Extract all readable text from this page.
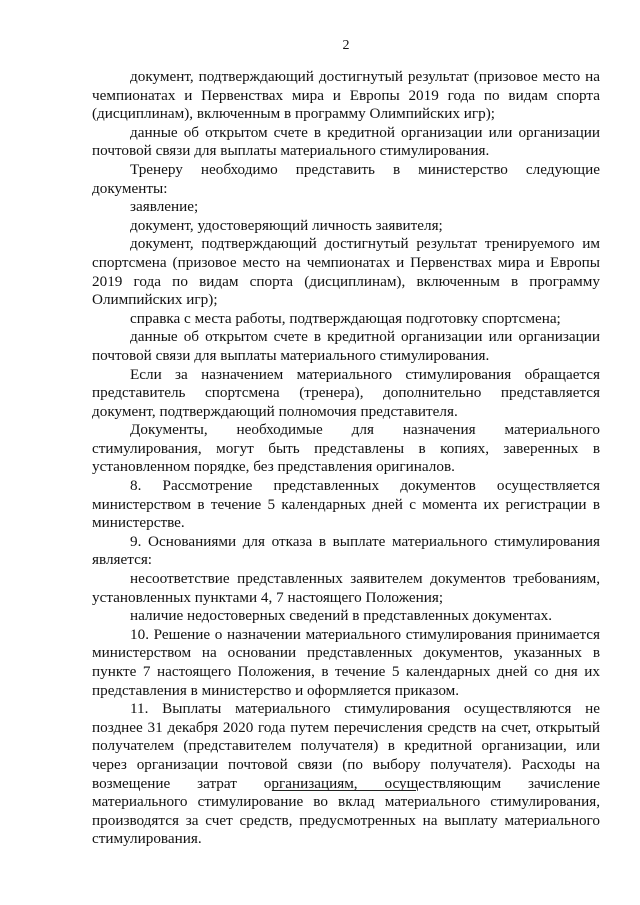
2

документ, подтверждающий достигнутый результат (призовое место на чемпионатах и Первенствах мира и Европы 2019 года по видам спорта (дисциплинам), включенным в программу Олимпийских игр);

данные об открытом счете в кредитной организации или организации почтовой связи для выплаты материального стимулирования.

Тренеру необходимо представить в министерство следующие документы:

заявление;

документ, удостоверяющий личность заявителя;

документ, подтверждающий достигнутый результат тренируемого им спортсмена (призовое место на чемпионатах и Первенствах мира и Европы 2019 года по видам спорта (дисциплинам), включенным в программу Олимпийских игр);

справка с места работы, подтверждающая подготовку спортсмена;

данные об открытом счете в кредитной организации или организации почтовой связи для выплаты материального стимулирования.

Если за назначением материального стимулирования обращается представитель спортсмена (тренера), дополнительно представляется документ, подтверждающий полномочия представителя.

Документы, необходимые для назначения материального стимулирования, могут быть представлены в копиях, заверенных в установленном порядке, без представления оригиналов.

8. Рассмотрение представленных документов осуществляется министерством в течение 5 календарных дней с момента их регистрации в министерстве.

9. Основаниями для отказа в выплате материального стимулирования является:

несоответствие представленных заявителем документов требованиям, установленных пунктами 4, 7 настоящего Положения;

наличие недостоверных сведений в представленных документах.

10. Решение о назначении материального стимулирования принимается министерством на основании представленных документов, указанных в пункте 7 настоящего Положения, в течение 5 календарных дней со дня их представления в министерство и оформляется приказом.

11. Выплаты материального стимулирования осуществляются не позднее 31 декабря 2020 года путем перечисления средств на счет, открытый получателем (представителем получателя) в кредитной организации, или через организации почтовой связи (по выбору получателя). Расходы на возмещение затрат организациям, осуществляющим зачисление материального стимулирование во вклад материального стимулирования, производятся за счет средств, предусмотренных на выплату материального стимулирования.
